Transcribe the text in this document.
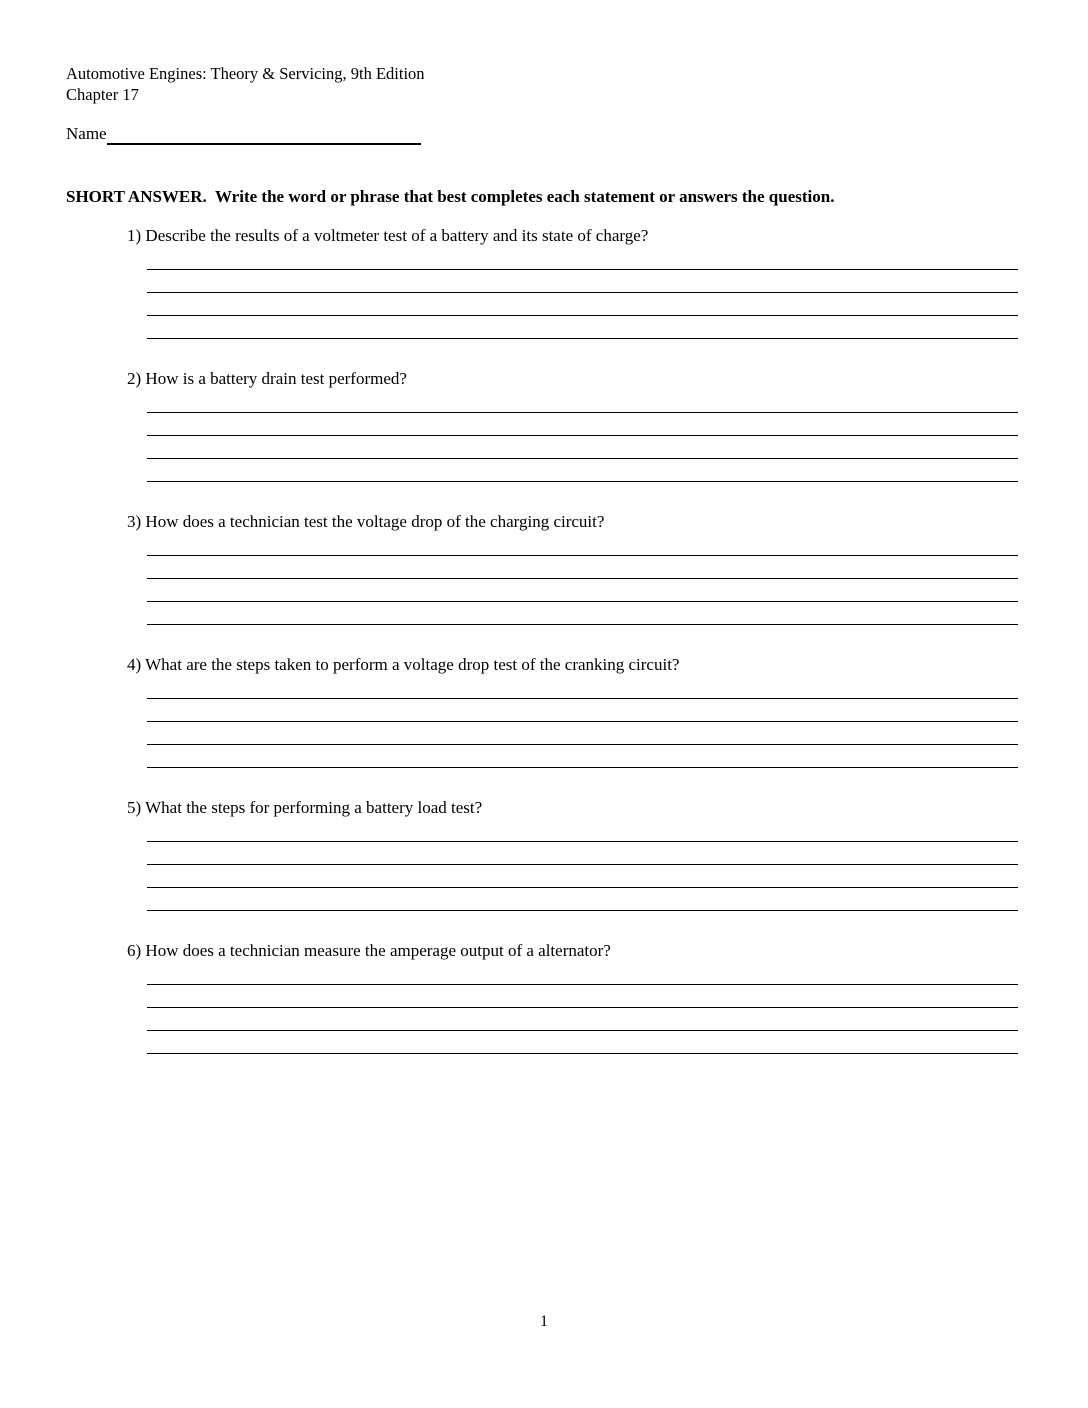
Automotive Engines: Theory & Servicing, 9th Edition
Chapter 17
Name
SHORT ANSWER.  Write the word or phrase that best completes each statement or answers the question.

1) Describe the results of a voltmeter test of a battery and its state of charge?

2) How is a battery drain test performed?

3) How does a technician test the voltage drop of the charging circuit?

4) What are the steps taken to perform a voltage drop test of the cranking circuit?

5) What the steps for performing a battery load test?

6) How does a technician measure the amperage output of a alternator?

1
